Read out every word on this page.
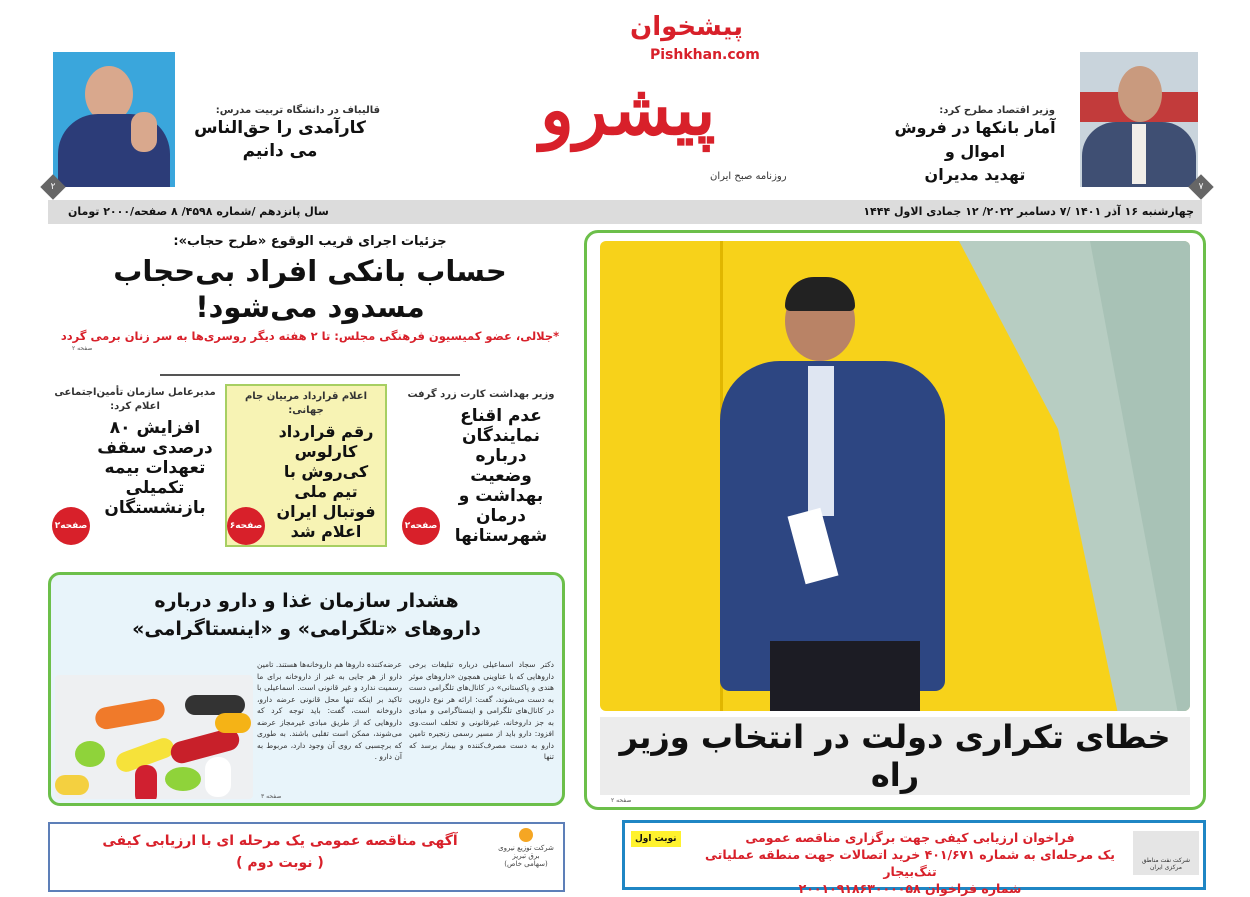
۲
قالیباف در دانشگاه تربیت مدرس:
کارآمدی را حق‌الناس
می دانیم
پیشخوان
Pishkhan.com
پیشرو
روزنامه صبح ایران
وزیر اقتصاد مطرح کرد:
آمار بانکها در فروش اموال و
تهدید مدیران
۷
چهارشنبه ۱۶ آذر ۱۴۰۱ /۷ دسامبر ۲۰۲۲/ ۱۲ جمادی الاول ۱۴۴۴
سال پانزدهم /شماره ۴۵۹۸/ ۸ صفحه/۲۰۰۰ تومان
جزئیات اجرای قریب الوقوع «طرح حجاب»:
حساب بانکی افراد بی‌حجاب
مسدود می‌شود!
*جلالی، عضو کمیسیون فرهنگی مجلس: تا ۲ هفته دیگر روسری‌ها به سر زنان برمی گردد
صفحه ۲
وزیر بهداشت کارت زرد گرفت
عدم اقناع نمایندگان درباره وضعیت بهداشت و درمان شهرستانها
صفحه۲
اعلام قرارداد مربیان جام جهانی:
رقم قرارداد کارلوس کی‌روش با تیم ملی فوتبال ایران اعلام شد
صفحه۶
مدیرعامل سازمان تأمین‌اجتماعی اعلام کرد:
افزایش ۸۰ درصدی سقف تعهدات بیمه تکمیلی بازنشستگان
صفحه۲
هشدار سازمان غذا و دارو درباره
داروهای «تلگرامی» و «اینستاگرامی»
دکتر سجاد اسماعیلی درباره تبلیغات برخی داروهایی که با عناوینی همچون «داروهای موثر هندی و پاکستانی» در کانال‌های تلگرامی دست به دست می‌شوند، گفت: ارائه هر نوع دارویی در کانال‌های تلگرامی و اینستاگرامی و مبادی به جز داروخانه، غیرقانونی و تخلف است.وی افزود: دارو باید از مسیر رسمی زنجیره تامین دارو به دست مصرف‌کننده و بیمار برسد که تنها
عرضه‌کننده داروها هم داروخانه‌ها هستند. تامین دارو از هر جایی به غیر از داروخانه برای ما رسمیت ندارد و غیر قانونی است. اسماعیلی با تاکید بر اینکه تنها محل قانونی عرضه دارو، داروخانه است، گفت: باید توجه کرد که داروهایی که از طریق مبادی غیرمجاز عرضه می‌شوند، ممکن است تقلبی باشند. به طوری که برچسبی که روی آن وجود دارد، مربوط به آن دارو .
صفحه ۳
خطای تکراری دولت در انتخاب وزیر راه
صفحه ۲
آگهی مناقصه عمومی یک مرحله ای با ارزیابی کیفی
( نوبت دوم )
شرکت توزیع نیروی برق تبریز
(سهامی خاص)	شرکت نفت مناطق مرکزی ایران
نوبت اول	فراخوان ارزیابی کیفی جهت برگزاری مناقصه عمومی
یک مرحله‌ای به شماره ۴۰۱/۶۷۱ خرید اتصالات جهت منطقه عملیاتی تنگ‌بیجار
شماره فراخوان ۲۰۰۱۰۹۱۸۶۳۰۰۰۰۵۸
